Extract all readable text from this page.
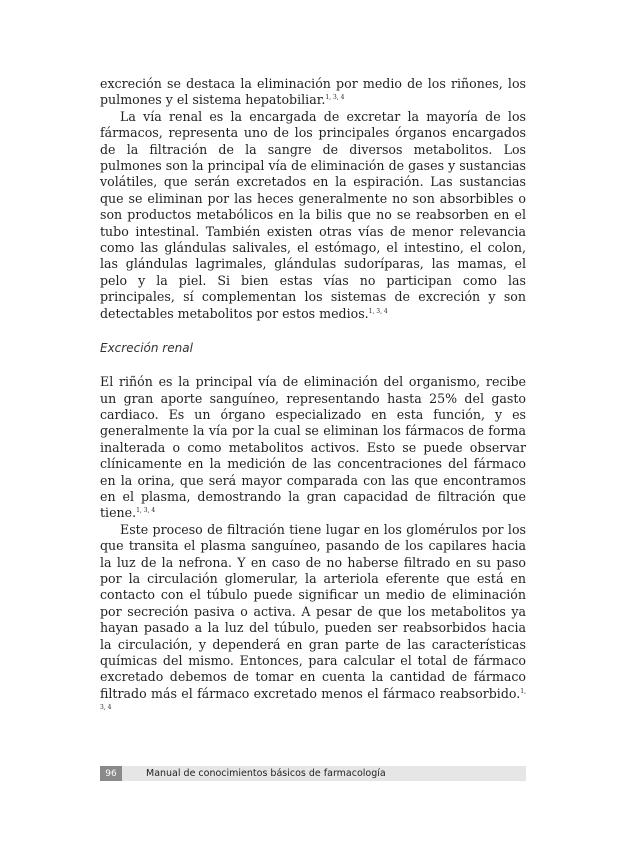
excreción se destaca la eliminación por medio de los riñones, los pulmones y el sistema hepatobiliar.$^{1, 3, 4}$

La vía renal es la encargada de excretar la mayoría de los fármacos, representa uno de los principales órganos encargados de la filtración de la sangre de diversos metabolitos. Los pulmones son la principal vía de eliminación de gases y sustancias volátiles, que serán excretados en la espiración. Las sustancias que se eliminan por las heces generalmente no son absorbibles o son productos metabólicos en la bilis que no se reabsorben en el tubo intestinal. También existen otras vías de menor relevancia como las glándulas salivales, el estómago, el intestino, el colon, las glándulas lagrimales, glándulas sudoríparas, las mamas, el pelo y la piel. Si bien estas vías no participan como las principales, sí complementan los sistemas de excreción y son detectables metabolitos por estos medios.$^{1, 3, 4}$

Excreción renal

El riñón es la principal vía de eliminación del organismo, recibe un gran aporte sanguíneo, representando hasta 25% del gasto cardiaco. Es un órgano especializado en esta función, y es generalmente la vía por la cual se eliminan los fármacos de forma inalterada o como metabolitos activos. Esto se puede observar clínicamente en la medición de las concentraciones del fármaco en la orina, que será mayor comparada con las que encontramos en el plasma, demostrando la gran capacidad de filtración que tiene.$^{1, 3, 4}$

Este proceso de filtración tiene lugar en los glomérulos por los que transita el plasma sanguíneo, pasando de los capilares hacia la luz de la nefrona. Y en caso de no haberse filtrado en su paso por la circulación glomerular, la arteriola eferente que está en contacto con el túbulo puede significar un medio de eliminación por secreción pasiva o activa. A pesar de que los metabolitos ya hayan pasado a la luz del túbulo, pueden ser reabsorbidos hacia la circulación, y dependerá en gran parte de las características químicas del mismo. Entonces, para calcular el total de fármaco excretado debemos de tomar en cuenta la cantidad de fármaco filtrado más el fármaco excretado menos el fármaco reabsorbido.$^{1, 3, 4}$

96	Manual de conocimientos básicos de farmacología
